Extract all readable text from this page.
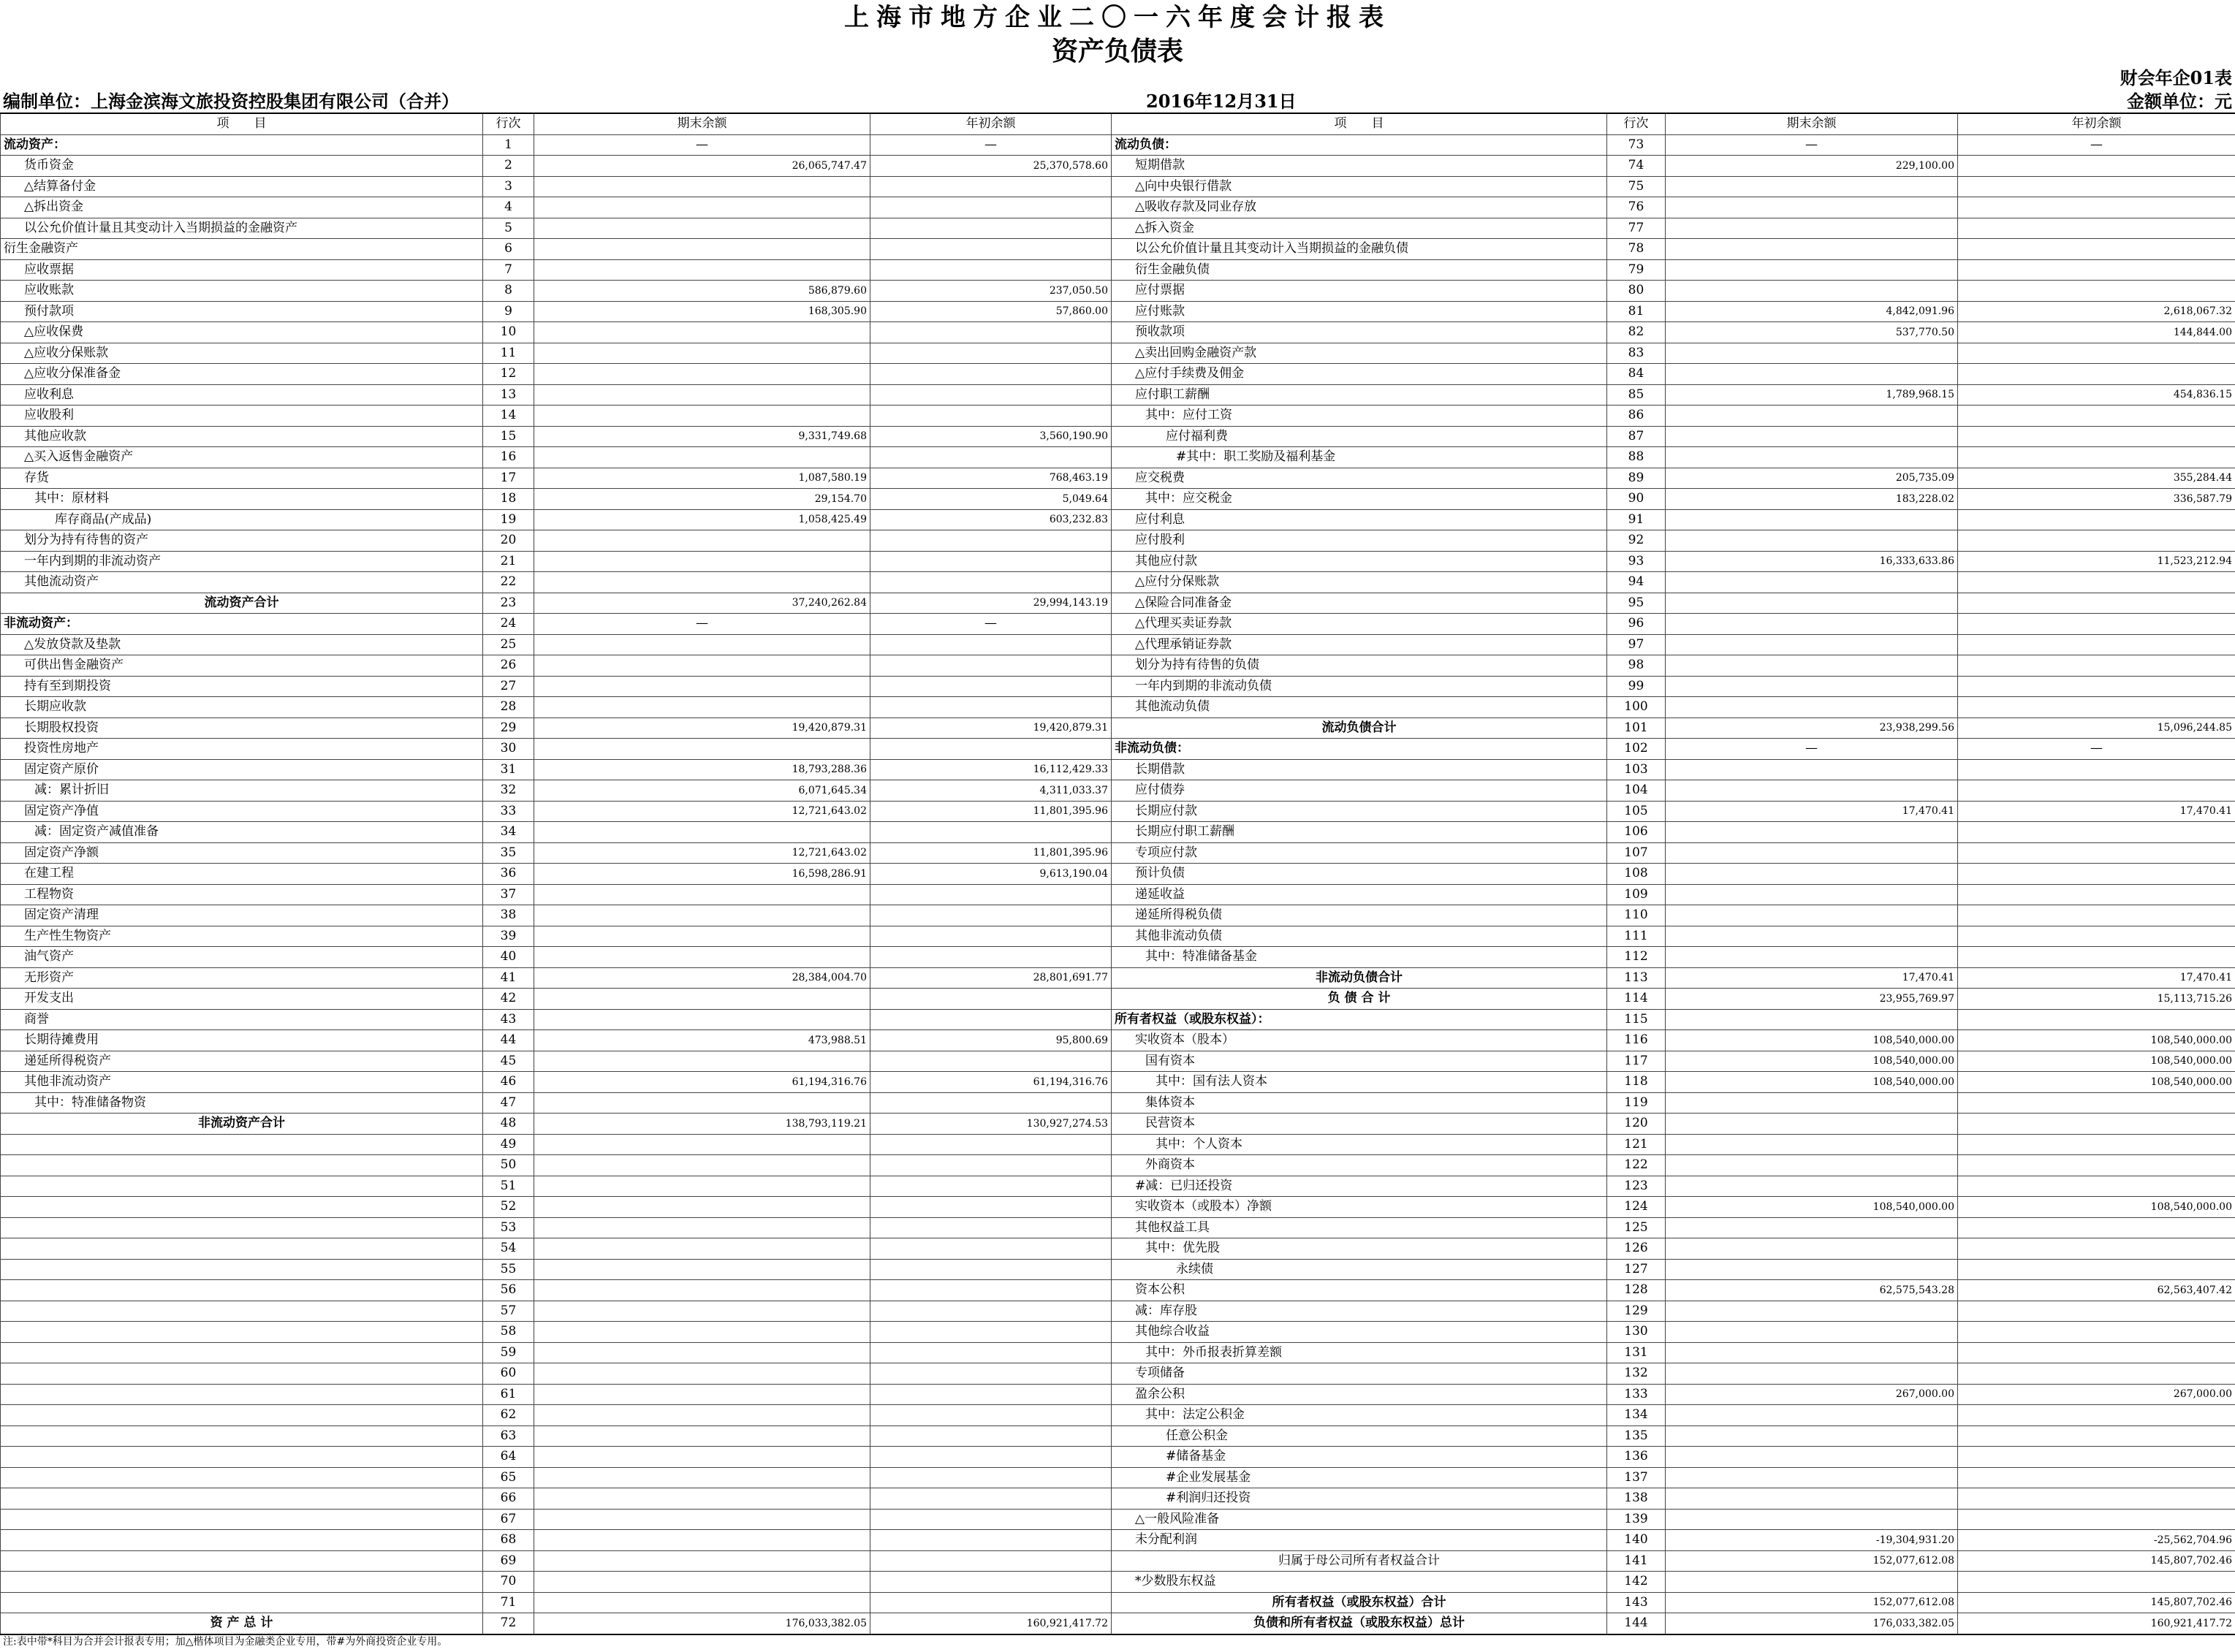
上海市地方企业二〇一六年度会计报表
资产负债表
财会年企01表
编制单位：上海金滨海文旅投资控股集团有限公司（合并）	2016年12月31日	金额单位：元
项　　目	行次	期末余额	年初余额	项　　目	行次	期末余额	年初余额
流动资产：	1	—	—	流动负债：	73	—	—
货币资金	2	26,065,747.47	25,370,578.60	短期借款	74	229,100.00	
△结算备付金	3			△向中央银行借款	75		
△拆出资金	4			△吸收存款及同业存放	76		
以公允价值计量且其变动计入当期损益的金融资产	5			△拆入资金	77		
衍生金融资产	6			以公允价值计量且其变动计入当期损益的金融负债	78		
应收票据	7			衍生金融负债	79		
应收账款	8	586,879.60	237,050.50	应付票据	80		
预付款项	9	168,305.90	57,860.00	应付账款	81	4,842,091.96	2,618,067.32
△应收保费	10			预收款项	82	537,770.50	144,844.00
△应收分保账款	11			△卖出回购金融资产款	83		
△应收分保准备金	12			△应付手续费及佣金	84		
应收利息	13			应付职工薪酬	85	1,789,968.15	454,836.15
应收股利	14			其中：应付工资	86		
其他应收款	15	9,331,749.68	3,560,190.90	应付福利费	87		
△买入返售金融资产	16			#其中：职工奖励及福利基金	88		
存货	17	1,087,580.19	768,463.19	应交税费	89	205,735.09	355,284.44
其中：原材料	18	29,154.70	5,049.64	其中：应交税金	90	183,228.02	336,587.79
库存商品(产成品)	19	1,058,425.49	603,232.83	应付利息	91		
划分为持有待售的资产	20			应付股利	92		
一年内到期的非流动资产	21			其他应付款	93	16,333,633.86	11,523,212.94
其他流动资产	22			△应付分保账款	94		
流动资产合计	23	37,240,262.84	29,994,143.19	△保险合同准备金	95		
非流动资产：	24	—	—	△代理买卖证券款	96		
△发放贷款及垫款	25			△代理承销证券款	97		
可供出售金融资产	26			划分为持有待售的负债	98		
持有至到期投资	27			一年内到期的非流动负债	99		
长期应收款	28			其他流动负债	100		
长期股权投资	29	19,420,879.31	19,420,879.31	流动负债合计	101	23,938,299.56	15,096,244.85
投资性房地产	30			非流动负债：	102	—	—
固定资产原价	31	18,793,288.36	16,112,429.33	长期借款	103		
减：累计折旧	32	6,071,645.34	4,311,033.37	应付债券	104		
固定资产净值	33	12,721,643.02	11,801,395.96	长期应付款	105	17,470.41	17,470.41
减：固定资产减值准备	34			长期应付职工薪酬	106		
固定资产净额	35	12,721,643.02	11,801,395.96	专项应付款	107		
在建工程	36	16,598,286.91	9,613,190.04	预计负债	108		
工程物资	37			递延收益	109		
固定资产清理	38			递延所得税负债	110		
生产性生物资产	39			其他非流动负债	111		
油气资产	40			其中：特准储备基金	112		
无形资产	41	28,384,004.70	28,801,691.77	非流动负债合计	113	17,470.41	17,470.41
开发支出	42			负 债 合 计	114	23,955,769.97	15,113,715.26
商誉	43			所有者权益（或股东权益）：	115		
长期待摊费用	44	473,988.51	95,800.69	实收资本（股本）	116	108,540,000.00	108,540,000.00
递延所得税资产	45			国有资本	117	108,540,000.00	108,540,000.00
其他非流动资产	46	61,194,316.76	61,194,316.76	其中：国有法人资本	118	108,540,000.00	108,540,000.00
其中：特准储备物资	47			集体资本	119		
非流动资产合计	48	138,793,119.21	130,927,274.53	民营资本	120		
	49			其中：个人资本	121		
	50			外商资本	122		
	51			#减：已归还投资	123		
	52			实收资本（或股本）净额	124	108,540,000.00	108,540,000.00
	53			其他权益工具	125		
	54			其中：优先股	126		
	55			永续债	127		
	56			资本公积	128	62,575,543.28	62,563,407.42
	57			减：库存股	129		
	58			其他综合收益	130		
	59			其中：外币报表折算差额	131		
	60			专项储备	132		
	61			盈余公积	133	267,000.00	267,000.00
	62			其中：法定公积金	134		
	63			任意公积金	135		
	64			#储备基金	136		
	65			#企业发展基金	137		
	66			#利润归还投资	138		
	67			△一般风险准备	139		
	68			未分配利润	140	-19,304,931.20	-25,562,704.96
	69			归属于母公司所有者权益合计	141	152,077,612.08	145,807,702.46
	70			*少数股东权益	142		
	71			所有者权益（或股东权益）合计	143	152,077,612.08	145,807,702.46
资 产 总 计	72	176,033,382.05	160,921,417.72	负债和所有者权益（或股东权益）总计	144	176,033,382.05	160,921,417.72
注:表中带*科目为合并会计报表专用；加△楷体项目为金融类企业专用，带#为外商投资企业专用。
